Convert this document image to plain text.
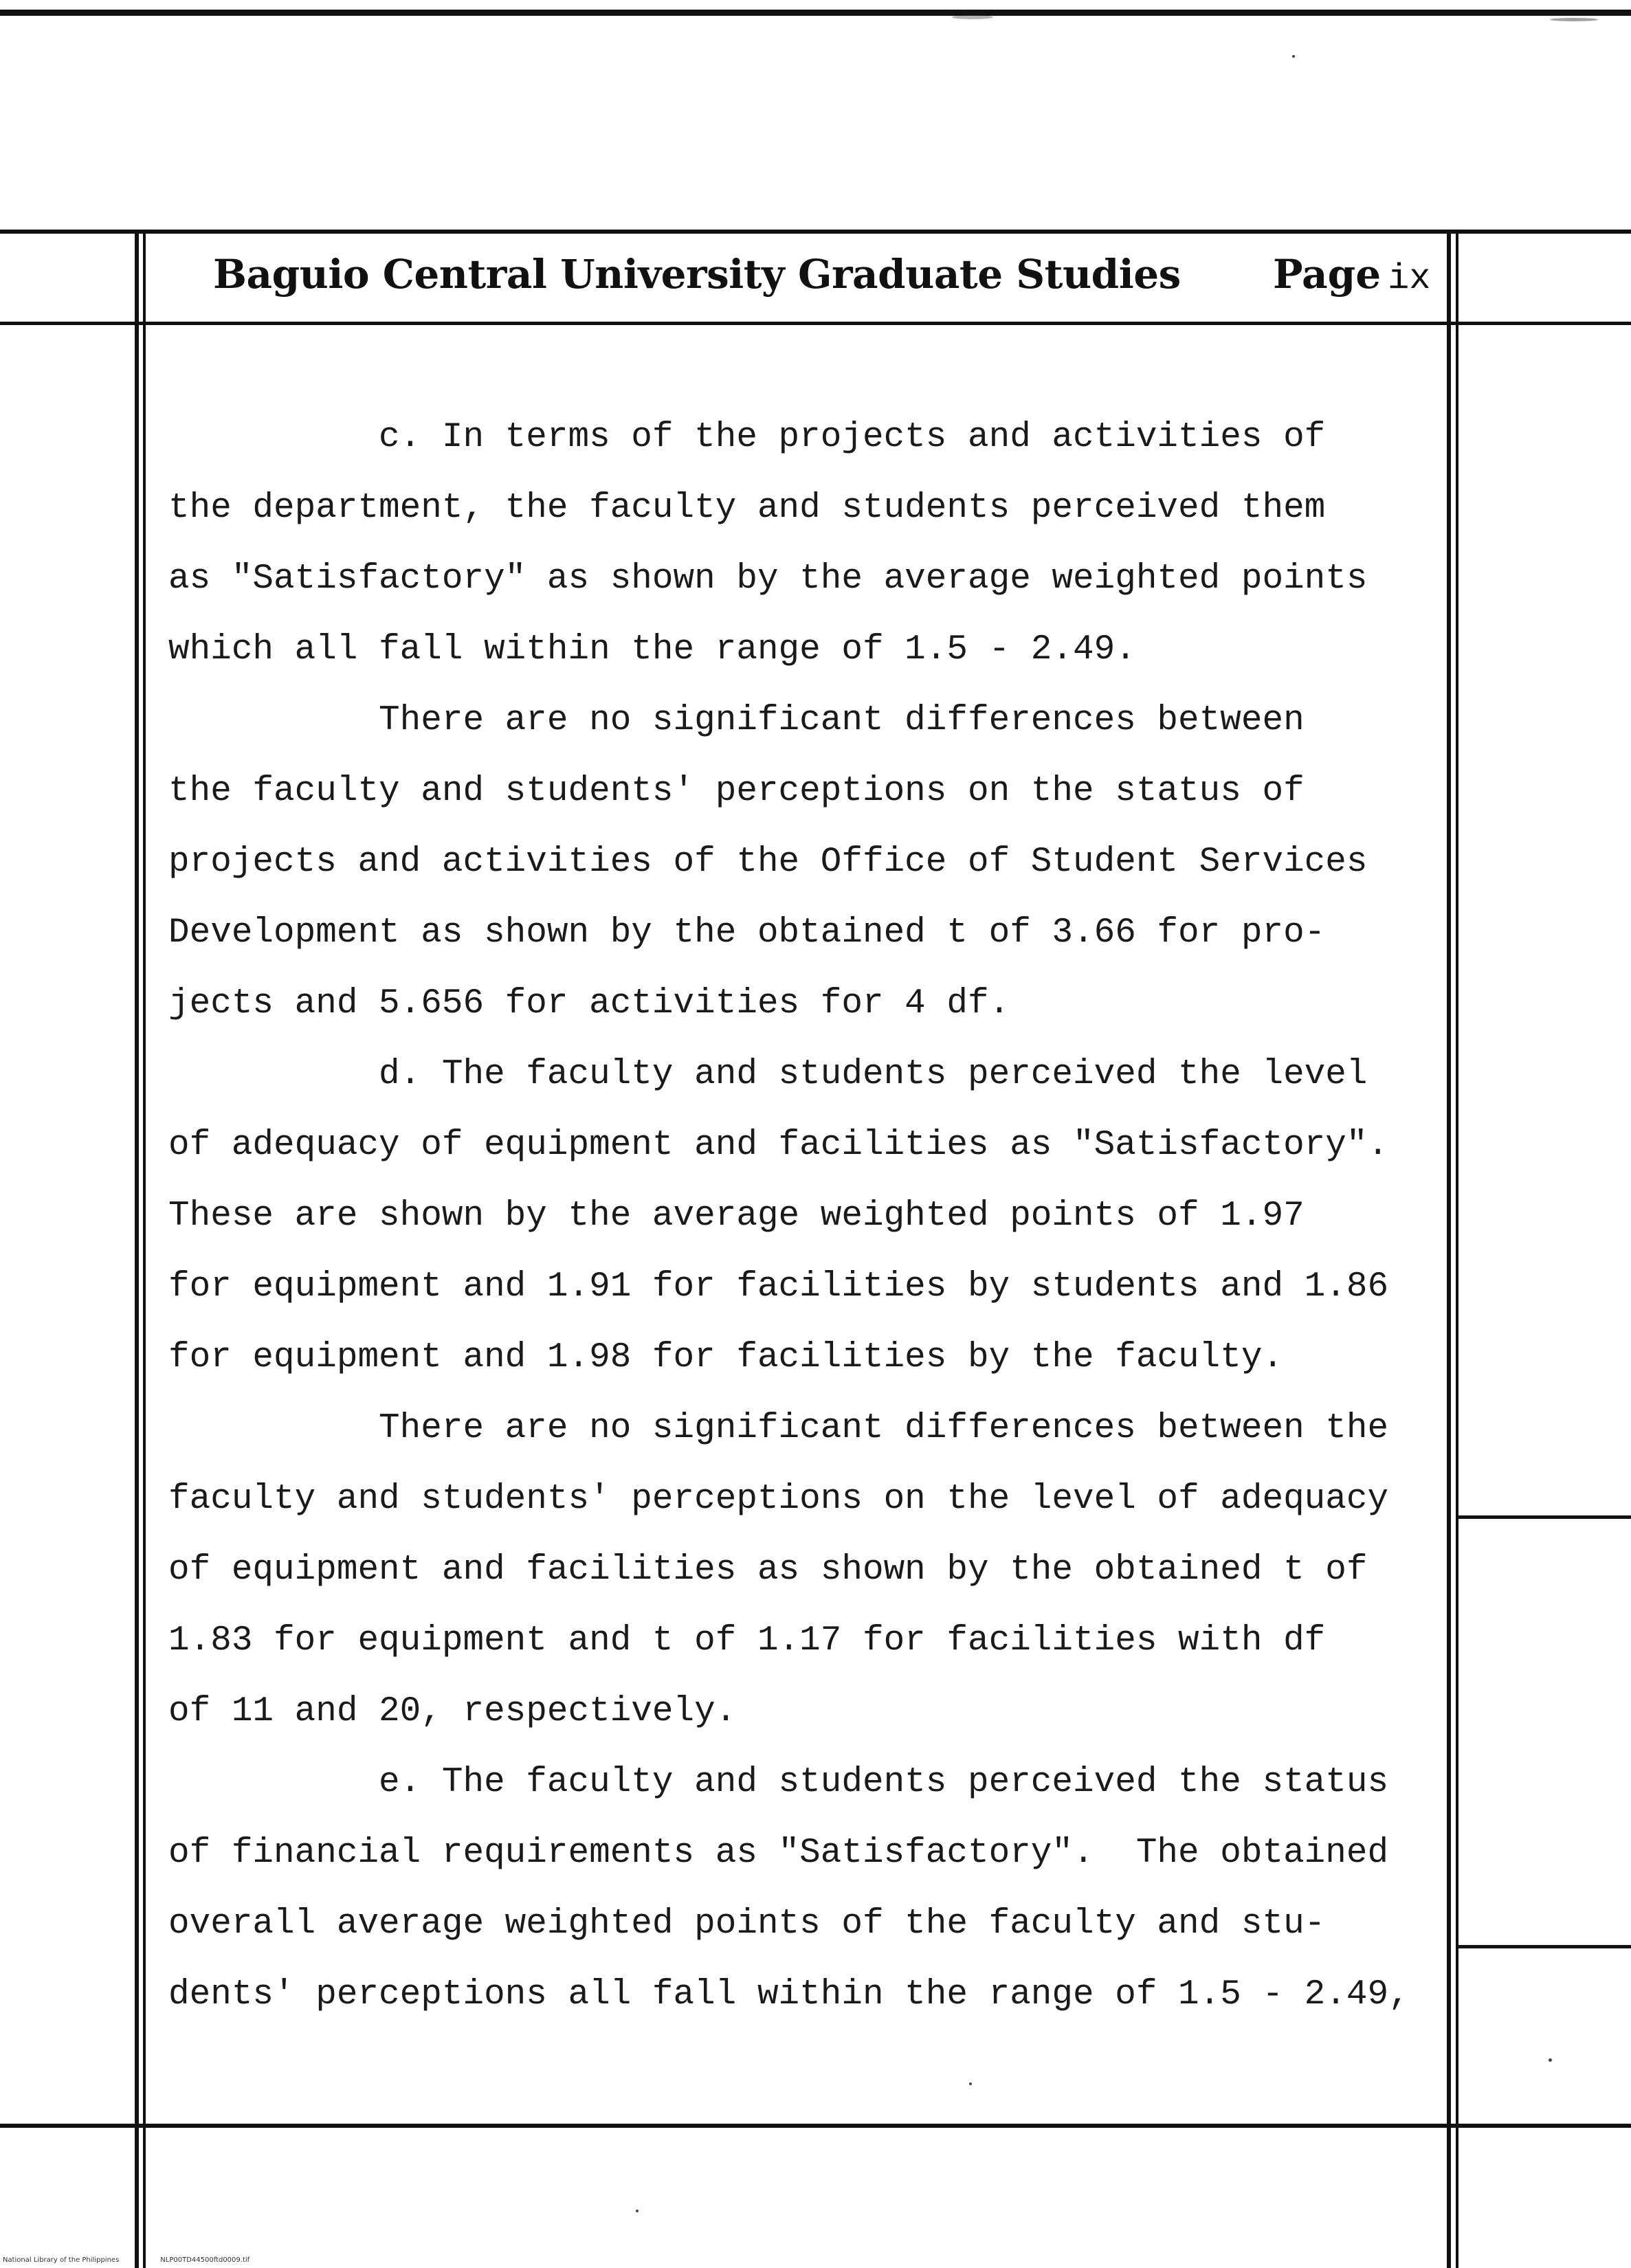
Baguio Central University Graduate Studies Page ix
c. In terms of the projects and activities of
the department, the faculty and students perceived them
as "Satisfactory" as shown by the average weighted points
which all fall within the range of 1.5 - 2.49.
There are no significant differences between
the faculty and students' perceptions on the status of
projects and activities of the Office of Student Services
Development as shown by the obtained t of 3.66 for pro-
jects and 5.656 for activities for 4 df.
d. The faculty and students perceived the level
of adequacy of equipment and facilities as "Satisfactory".
These are shown by the average weighted points of 1.97
for equipment and 1.91 for facilities by students and 1.86
for equipment and 1.98 for facilities by the faculty.
There are no significant differences between the
faculty and students' perceptions on the level of adequacy
of equipment and facilities as shown by the obtained t of
1.83 for equipment and t of 1.17 for facilities with df
of 11 and 20, respectively.
e. The faculty and students perceived the status
of financial requirements as "Satisfactory".  The obtained
overall average weighted points of the faculty and stu-
dents' perceptions all fall within the range of 1.5 - 2.49,
National Library of the Philippines	NLP00TD44500ftd0009.tif
